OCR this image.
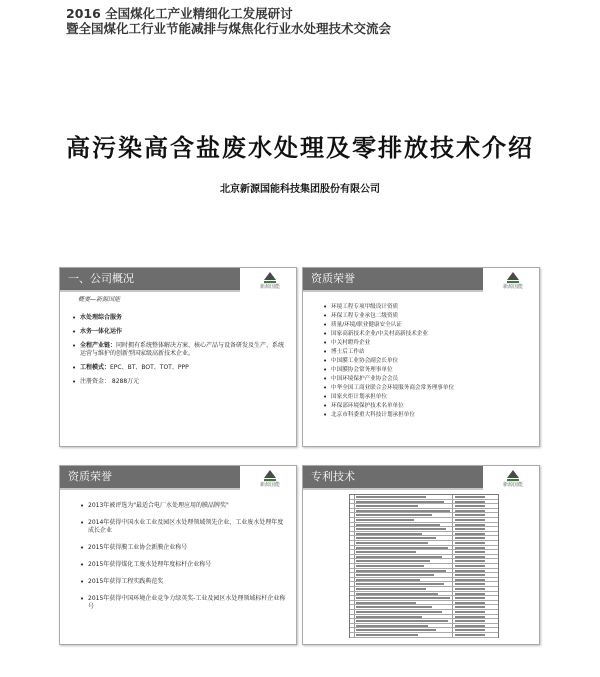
2016 全国煤化工产业精细化工发展研讨
暨全国煤化工行业节能减排与煤焦化行业水处理技术交流会
高污染高含盐废水处理及零排放技术介绍
北京新源国能科技集团股份有限公司
一、公司概况
新源国能
概要—新源国能
• 水处理综合服务
• 水务一体化运作
• 全程产业链：同时拥有系统整体解决方案、核心产品与设备研发及生产、系统运营与维护的创新型国家级高新技术企业。
• 工程模式：EPC、BT、BOT、TOT、PPP
• 注册资金： 8288万元
资质荣誉
新源国能
• 环境工程专项甲级设计资质
• 环保工程专业承包二级资质
• 质量/环境/职业健康安全认证
• 国家高新技术企业/中关村高新技术企业
• 中关村瞪羚企业
• 博士后工作站
• 中国膜工业协会副会长单位
• 中国膜协会常务理事单位
• 中国环境保护产业协会会员
• 中华全国工商业联合会环境服务商会常务理事单位
• 国家火炬计划承担单位
• 环保部环境保护技术名单单位
• 北京市科委重大科技计划承担单位
资质荣誉
新源国能
• 2013年被评选为"最适合电厂水处理应用的膜品牌奖"
• 2014年获得中国水业工业及园区水处理领域领先企业、工业废水处理年度成长企业
• 2015年获得膜工业协会新膜企业称号
• 2015年获得煤化工废水处理年度标杆企业称号
• 2015年获得工程实践典范奖
• 2015年获得中国环境企业竞争力绿英奖-工业及园区水处理领域标杆企业称号
专利技术
新源国能
